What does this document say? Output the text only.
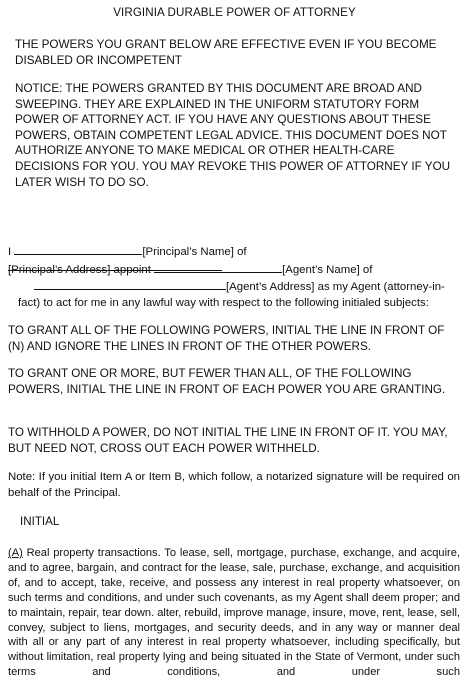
VIRGINIA DURABLE POWER OF ATTORNEY
THE POWERS YOU GRANT BELOW ARE EFFECTIVE EVEN IF YOU BECOME DISABLED OR INCOMPETENT
NOTICE: THE POWERS GRANTED BY THIS DOCUMENT ARE BROAD AND SWEEPING. THEY ARE EXPLAINED IN THE UNIFORM STATUTORY FORM POWER OF ATTORNEY ACT. IF YOU HAVE ANY QUESTIONS ABOUT THESE POWERS, OBTAIN COMPETENT LEGAL ADVICE. THIS DOCUMENT DOES NOT AUTHORIZE ANYONE TO MAKE MEDICAL OR OTHER HEALTH-CARE DECISIONS FOR YOU. YOU MAY REVOKE THIS POWER OF ATTORNEY IF YOU LATER WISH TO DO SO.
I	[Principal’s Name] of
[Principal’s Address] appoint	[Agent’s Name] of
[Agent’s Address] as my Agent (attorney-in-
fact) to act for me in any lawful way with respect to the following initialed subjects:
TO GRANT ALL OF THE FOLLOWING POWERS, INITIAL THE LINE IN FRONT OF (N) AND IGNORE THE LINES IN FRONT OF THE OTHER POWERS.
TO GRANT ONE OR MORE, BUT FEWER THAN ALL, OF THE FOLLOWING POWERS, INITIAL THE LINE IN FRONT OF EACH POWER YOU ARE GRANTING.
TO WITHHOLD A POWER, DO NOT INITIAL THE LINE IN FRONT OF IT. YOU MAY, BUT NEED NOT, CROSS OUT EACH POWER WITHHELD.
Note: If you initial Item A or Item B, which follow, a notarized signature will be required on behalf of the Principal.
INITIAL
(A) Real property transactions. To lease, sell, mortgage, purchase, exchange, and acquire, and to agree, bargain, and contract for the lease, sale, purchase, exchange, and acquisition of, and to accept, take, receive, and possess any interest in real property whatsoever, on such terms and conditions, and under such covenants, as my Agent shall deem proper; and to maintain, repair, tear down. alter, rebuild, improve manage, insure, move, rent, lease, sell, convey, subject to liens, mortgages, and security deeds, and in any way or manner deal with all or any part of any interest in real property whatsoever, including specifically, but without limitation, real property lying and being situated in the State of Vermont, under such terms and conditions, and under such
